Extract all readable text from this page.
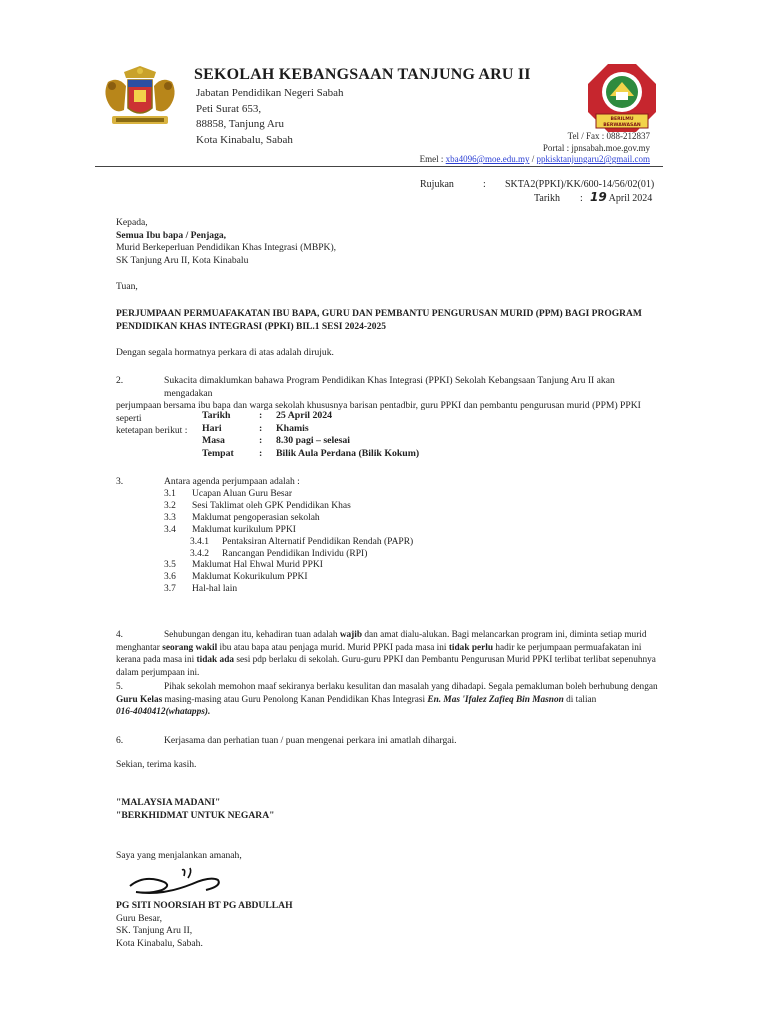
SEKOLAH KEBANGSAAN TANJUNG ARU II
Jabatan Pendidikan Negeri Sabah
Peti Surat 653,
88858, Tanjung Aru
Kota Kinabalu, Sabah
BERILMU BERWAWASAN
Tel / Fax : 088-212837
Portal : jpnsabah.moe.gov.my
Emel : xba4096@moe.edu.my / ppkisktanjungaru2@gmail.com
Rujukan	: SKTA2(PPKI)/KK/600-14/56/02(01)
Tarikh : 19 April 2024
Kepada,
Semua Ibu bapa / Penjaga,
Murid Berkeperluan Pendidikan Khas Integrasi (MBPK),
SK Tanjung Aru II, Kota Kinabalu
Tuan,
PERJUMPAAN PERMUAFAKATAN IBU BAPA, GURU DAN PEMBANTU PENGURUSAN MURID (PPM) BAGI PROGRAM
PENDIDIKAN KHAS INTEGRASI (PPKI) BIL.1 SESI 2024-2025
Dengan segala hormatnya perkara di atas adalah dirujuk.
2.	Sukacita dimaklumkan bahawa Program Pendidikan Khas Integrasi (PPKI) Sekolah Kebangsaan Tanjung Aru II akan mengadakan
perjumpaan bersama ibu bapa dan warga sekolah khususnya barisan pentadbir, guru PPKI dan pembantu pengurusan murid (PPM) PPKI seperti
ketetapan berikut :
Tarikh	:	25 April 2024
Hari	:	Khamis
Masa	:	8.30 pagi – selesai
Tempat	:	Bilik Aula Perdana (Bilik Kokum)
3.	Antara agenda perjumpaan adalah :
3.1 Ucapan Aluan Guru Besar
3.2 Sesi Taklimat oleh GPK Pendidikan Khas
3.3 Maklumat pengoperasian sekolah
3.4 Maklumat kurikulum PPKI
3.4.1 Pentaksiran Alternatif Pendidikan Rendah (PAPR)
3.4.2 Rancangan Pendidikan Individu (RPI)
3.5 Maklumat Hal Ehwal Murid PPKI
3.6 Maklumat Kokurikulum PPKI
3.7 Hal-hal lain
4.	Sehubungan dengan itu, kehadiran tuan adalah wajib dan amat dialu-alukan. Bagi melancarkan program ini, diminta setiap murid
menghantar seorang wakil ibu atau bapa atau penjaga murid. Murid PPKI pada masa ini tidak perlu hadir ke perjumpaan permuafakatan ini
kerana pada masa ini tidak ada sesi pdp berlaku di sekolah. Guru-guru PPKI dan Pembantu Pengurusan Murid PPKI terlibat terlibat sepenuhnya
dalam perjumpaan ini.
5.	Pihak sekolah memohon maaf sekiranya berlaku kesulitan dan masalah yang dihadapi. Segala pemakluman boleh berhubung dengan
Guru Kelas masing-masing atau Guru Penolong Kanan Pendidikan Khas Integrasi En. Mas 'Ifalez Zafieq Bin Masnon di talian
016-4040412(whatapps).
6.	Kerjasama dan perhatian tuan / puan mengenai perkara ini amatlah dihargai.
Sekian, terima kasih.
"MALAYSIA MADANI"
"BERKHIDMAT UNTUK NEGARA"
Saya yang menjalankan amanah,
PG SITI NOORSIAH BT PG ABDULLAH
Guru Besar,
SK. Tanjung Aru II,
Kota Kinabalu, Sabah.
